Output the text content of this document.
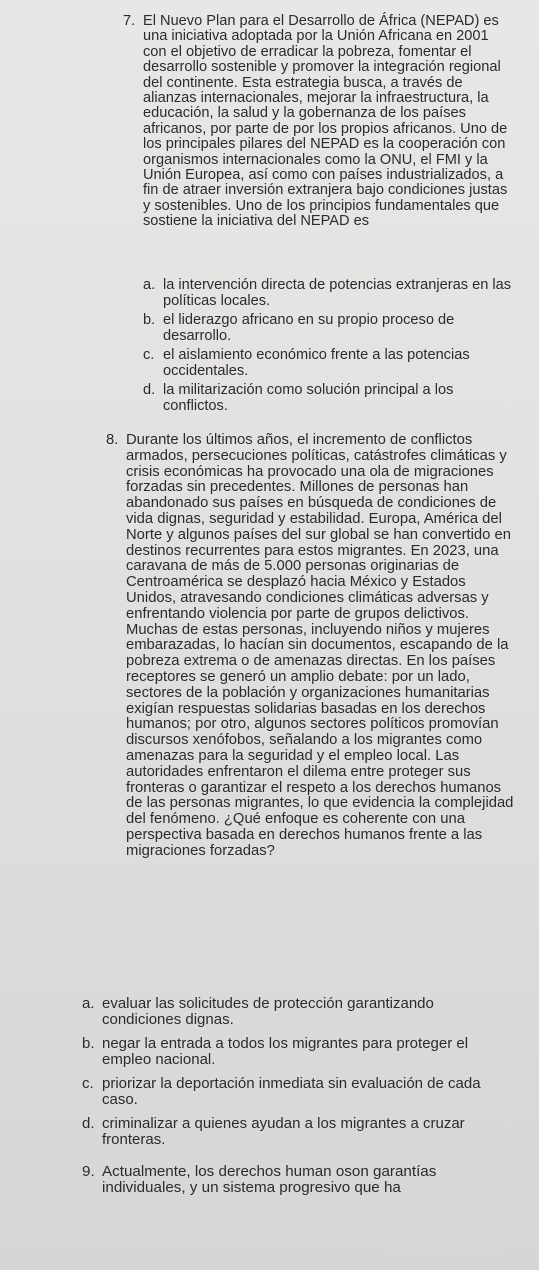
7. El Nuevo Plan para el Desarrollo de África (NEPAD) es una iniciativa adoptada por la Unión Africana en 2001 con el objetivo de erradicar la pobreza, fomentar el desarrollo sostenible y promover la integración regional del continente. Esta estrategia busca, a través de alianzas internacionales, mejorar la infraestructura, la educación, la salud y la gobernanza de los países africanos, por parte de por los propios africanos. Uno de los principales pilares del NEPAD es la cooperación con organismos internacionales como la ONU, el FMI y la Unión Europea, así como con países industrializados, a fin de atraer inversión extranjera bajo condiciones justas y sostenibles. Uno de los principios fundamentales que sostiene la iniciativa del NEPAD es

a. la intervención directa de potencias extranjeras en las políticas locales.

b. el liderazgo africano en su propio proceso de desarrollo.

c. el aislamiento económico frente a las potencias occidentales.

d. la militarización como solución principal a los conflictos.

8. Durante los últimos años, el incremento de conflictos armados, persecuciones políticas, catástrofes climáticas y crisis económicas ha provocado una ola de migraciones forzadas sin precedentes. Millones de personas han abandonado sus países en búsqueda de condiciones de vida dignas, seguridad y estabilidad. Europa, América del Norte y algunos países del sur global se han convertido en destinos recurrentes para estos migrantes. En 2023, una caravana de más de 5.000 personas originarias de Centroamérica se desplazó hacia México y Estados Unidos, atravesando condiciones climáticas adversas y enfrentando violencia por parte de grupos delictivos. Muchas de estas personas, incluyendo niños y mujeres embarazadas, lo hacían sin documentos, escapando de la pobreza extrema o de amenazas directas. En los países receptores se generó un amplio debate: por un lado, sectores de la población y organizaciones humanitarias exigían respuestas solidarias basadas en los derechos humanos; por otro, algunos sectores políticos promovían discursos xenófobos, señalando a los migrantes como amenazas para la seguridad y el empleo local. Las autoridades enfrentaron el dilema entre proteger sus fronteras o garantizar el respeto a los derechos humanos de las personas migrantes, lo que evidencia la complejidad del fenómeno. ¿Qué enfoque es coherente con una perspectiva basada en derechos humanos frente a las migraciones forzadas?

a. evaluar las solicitudes de protección garantizando condiciones dignas.

b. negar la entrada a todos los migrantes para proteger el empleo nacional.

c. priorizar la deportación inmediata sin evaluación de cada caso.

d. criminalizar a quienes ayudan a los migrantes a cruzar fronteras.

9. Actualmente, los derechos human oson garantías individuales, y un sistema progresivo que ha
